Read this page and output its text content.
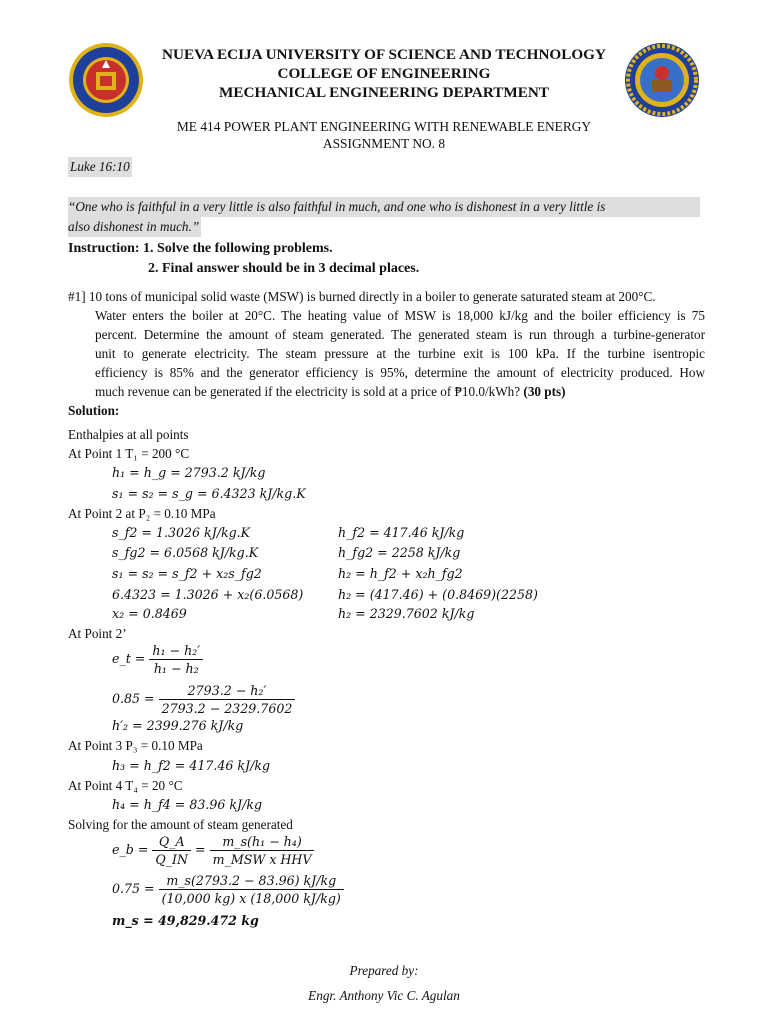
NUEVA ECIJA UNIVERSITY OF SCIENCE AND TECHNOLOGY
COLLEGE OF ENGINEERING
MECHANICAL ENGINEERING DEPARTMENT
ME 414 POWER PLANT ENGINEERING WITH RENEWABLE ENERGY
ASSIGNMENT NO. 8
Luke 16:10
“One who is faithful in a very little is also faithful in much, and one who is dishonest in a very little is
also dishonest in much.”
Instruction: 1. Solve the following problems.
2. Final answer should be in 3 decimal places.
#1] 10 tons of municipal solid waste (MSW) is burned directly in a boiler to generate saturated steam at 200°C.
Water enters the boiler at 20°C. The heating value of MSW is 18,000 kJ/kg and the boiler efficiency is 75
percent. Determine the amount of steam generated. The generated steam is run through a turbine-generator
unit to generate electricity. The steam pressure at the turbine exit is 100 kPa. If the turbine isentropic
efficiency is 85% and the generator efficiency is 95%, determine the amount of electricity produced. How
much revenue can be generated if the electricity is sold at a price of ₱10.0/kWh? (30 pts)
Solution:
Enthalpies at all points
At Point 1 T₁ = 200 °C
h₁ = h_g = 2793.2 kJ/kg
s₁ = s₂ = s_g = 6.4323 kJ/kg.K
At Point 2 at P₂ = 0.10 MPa
s_f2 = 1.3026 kJ/kg.K
s_fg2 = 6.0568 kJ/kg.K
s₁ = s₂ = s_f2 + x₂s_fg2
6.4323 = 1.3026 + x₂(6.0568)
x₂ = 0.8469
h_f2 = 417.46 kJ/kg
h_fg2 = 2258 kJ/kg
h₂ = h_f2 + x₂h_fg2
h₂ = (417.46) + (0.8469)(2258)
h₂ = 2329.7602 kJ/kg
At Point 2’
e_t = $\frac{\text{h₁ − h₂′}}{\text{h₁ − h₂}}$
$0.85 = \frac{\text{2793.2 − h₂′}}{2793.2 - 2329.7602}$
h′₂ = 2399.276 kJ/kg
At Point 3 P₃ = 0.10 MPa
h₃ = h_f2 = 417.46 kJ/kg
At Point 4 T₄ = 20 °C
h₄ = h_f4 = 83.96 kJ/kg
Solving for the amount of steam generated
e_b = $\frac{Q\_A}{Q\_IN} = \frac{\text{m\_s(h₁ − h₄)}}{\text{m\_MSW x HHV}}$
$0.75 = \frac{m\_s(2793.2 - 83.96) kJ/kg}{(10,000 kg) x (18,000 kJ/kg)}$
m_s = 49,829.472 kg
Prepared by:
Engr. Anthony Vic C. Agulan
